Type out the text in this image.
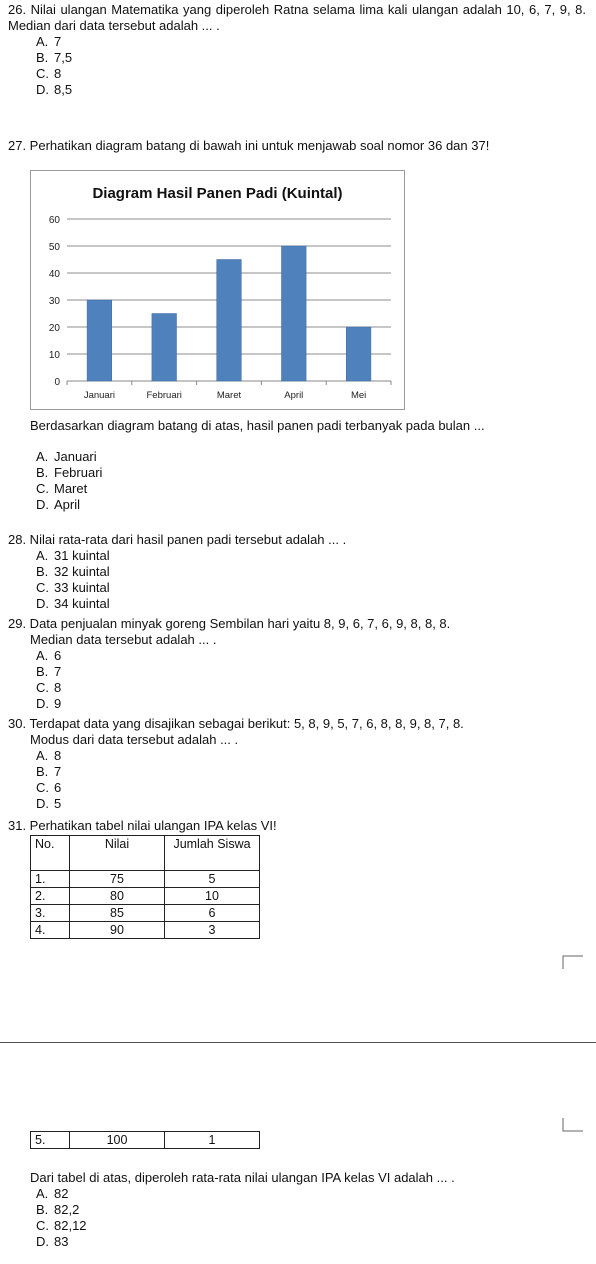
26. Nilai ulangan Matematika yang diperoleh Ratna selama lima kali ulangan adalah 10, 6, 7, 9, 8. Median dari data tersebut adalah ... .

A. 7
B. 7,5
C. 8
D. 8,5

27. Perhatikan diagram batang di bawah ini untuk menjawab soal nomor 36 dan 37!

Diagram Hasil Panen Padi (Kuintal)
0
10
20
30
40
50
60
Januari	Februari	Maret	April	Mei

Berdasarkan diagram batang di atas, hasil panen padi terbanyak pada bulan ...

A. Januari
B. Februari
C. Maret
D. April

28. Nilai rata-rata dari hasil panen padi tersebut adalah ... .

A. 31 kuintal
B. 32 kuintal
C. 33 kuintal
D. 34 kuintal

29. Data penjualan minyak goreng Sembilan hari yaitu 8, 9, 6, 7, 6, 9, 8, 8, 8.

Median data tersebut adalah ... .

A. 6
B. 7
C. 8
D. 9

30. Terdapat data yang disajikan sebagai berikut: 5, 8, 9, 5, 7, 6, 8, 8, 9, 8, 7, 8.

Modus dari data tersebut adalah ... .

A. 8
B. 7
C. 6
D. 5

31. Perhatikan tabel nilai ulangan IPA kelas VI!

No.	Nilai	Jumlah Siswa
1.	75	5
2.	80	10
3.	85	6
4.	90	3
5.	100	1

Dari tabel di atas, diperoleh rata-rata nilai ulangan IPA kelas VI adalah ... .

A. 82
B. 82,2
C. 82,12
D. 83
